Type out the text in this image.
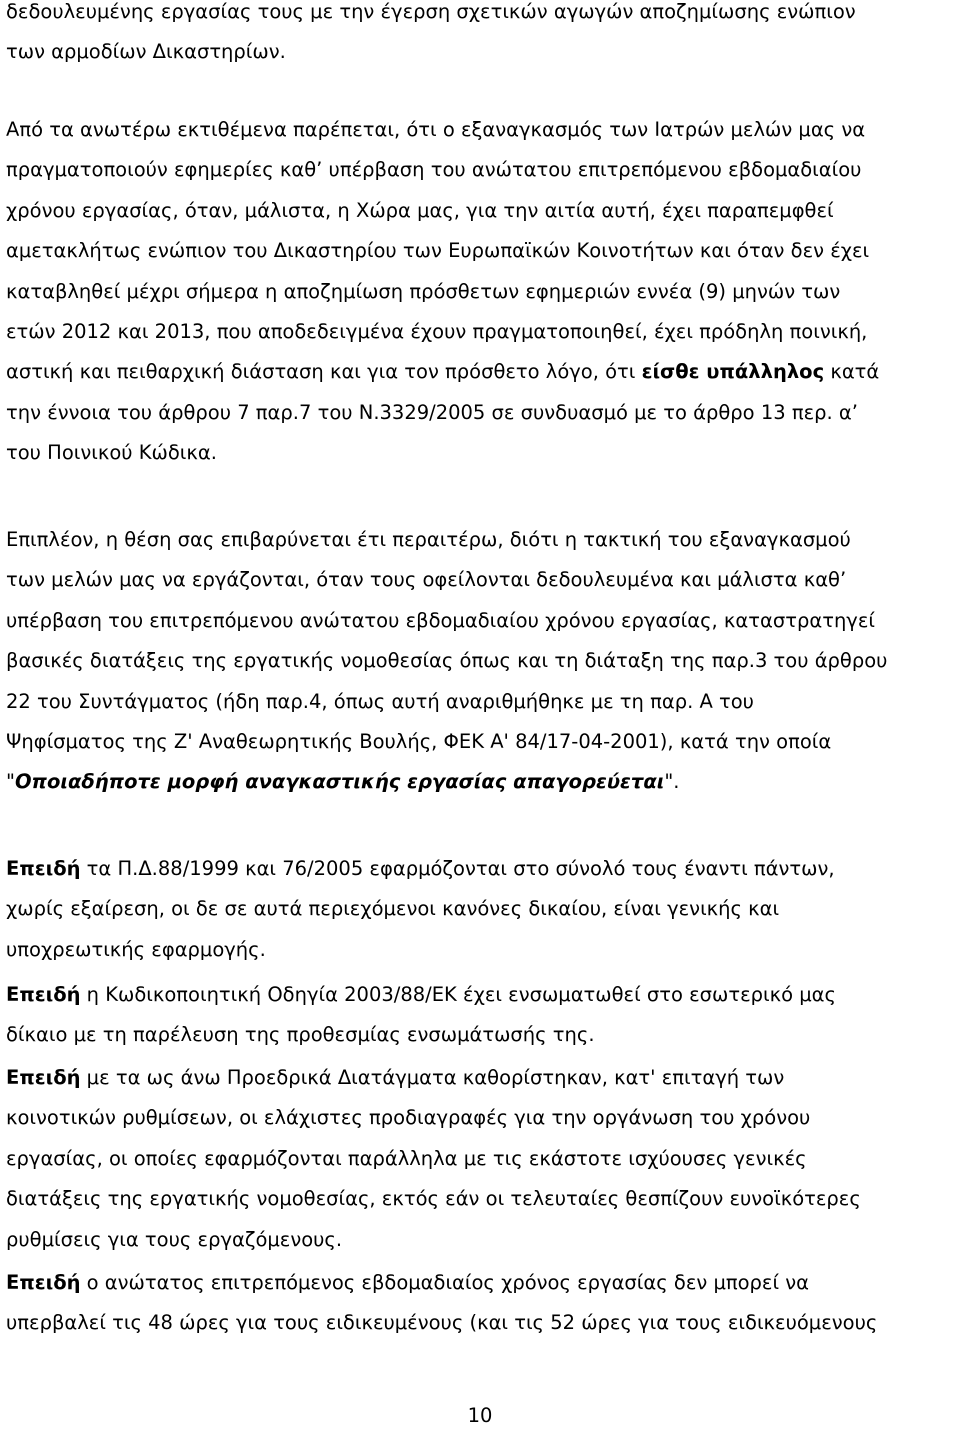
δεδουλευμένης εργασίας τους με την έγερση σχετικών αγωγών αποζημίωσης ενώπιον
των αρμοδίων Δικαστηρίων.
Από τα ανωτέρω εκτιθέμενα παρέπεται, ότι ο εξαναγκασμός των Ιατρών μελών μας να
πραγματοποιούν εφημερίες καθ’ υπέρβαση του ανώτατου επιτρεπόμενου εβδομαδιαίου
χρόνου εργασίας, όταν, μάλιστα, η Χώρα μας, για την αιτία αυτή, έχει παραπεμφθεί
αμετακλήτως ενώπιον του Δικαστηρίου των Ευρωπαϊκών Κοινοτήτων και όταν δεν έχει
καταβληθεί μέχρι σήμερα η αποζημίωση πρόσθετων εφημεριών εννέα (9) μηνών των
ετών 2012 και 2013, που αποδεδειγμένα έχουν πραγματοποιηθεί, έχει πρόδηλη ποινική,
αστική και πειθαρχική διάσταση και για τον πρόσθετο λόγο, ότι είσθε υπάλληλος κατά
την έννοια του άρθρου 7 παρ.7 του Ν.3329/2005 σε συνδυασμό με το άρθρο 13 περ. α’
του Ποινικού Κώδικα.
Επιπλέον, η θέση σας επιβαρύνεται έτι περαιτέρω, διότι η τακτική του εξαναγκασμού
των μελών μας να εργάζονται, όταν τους οφείλονται δεδουλευμένα και μάλιστα καθ’
υπέρβαση του επιτρεπόμενου ανώτατου εβδομαδιαίου χρόνου εργασίας, καταστρατηγεί
βασικές διατάξεις της εργατικής νομοθεσίας όπως και τη διάταξη της παρ.3 του άρθρου
22 του Συντάγματος (ήδη παρ.4, όπως αυτή αναριθμήθηκε με τη παρ. Α του
Ψηφίσματος της Ζ' Αναθεωρητικής Βουλής, ΦΕΚ Α' 84/17-04-2001), κατά την οποία
"Οποιαδήποτε μορφή αναγκαστικής εργασίας απαγορεύεται".
Επειδή τα Π.Δ.88/1999 και 76/2005 εφαρμόζονται στο σύνολό τους έναντι πάντων,
χωρίς εξαίρεση, οι δε σε αυτά περιεχόμενοι κανόνες δικαίου, είναι γενικής και
υποχρεωτικής εφαρμογής.
Επειδή η Κωδικοποιητική Οδηγία 2003/88/ΕΚ έχει ενσωματωθεί στο εσωτερικό μας
δίκαιο με τη παρέλευση της προθεσμίας ενσωμάτωσής της.
Επειδή με τα ως άνω Προεδρικά Διατάγματα καθορίστηκαν, κατ' επιταγή των
κοινοτικών ρυθμίσεων, οι ελάχιστες προδιαγραφές για την οργάνωση του χρόνου
εργασίας, οι οποίες εφαρμόζονται παράλληλα με τις εκάστοτε ισχύουσες γενικές
διατάξεις της εργατικής νομοθεσίας, εκτός εάν οι τελευταίες θεσπίζουν ευνοϊκότερες
ρυθμίσεις για τους εργαζόμενους.
Επειδή ο ανώτατος επιτρεπόμενος εβδομαδιαίος χρόνος εργασίας δεν μπορεί να
υπερβαλεί τις 48 ώρες για τους ειδικευμένους (και τις 52 ώρες για τους ειδικευόμενους
10
